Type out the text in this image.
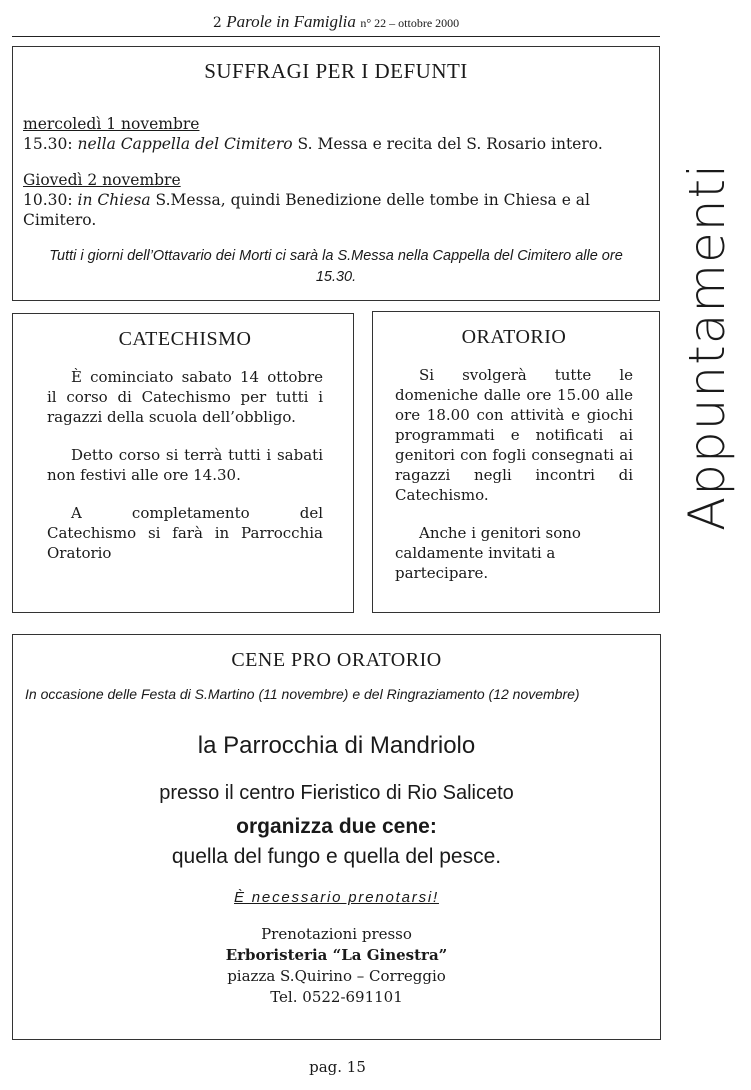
2 Parole in Famiglia n° 22 – ottobre 2000
SUFFRAGI PER I DEFUNTI
mercoledì 1 novembre
15.30: nella Cappella del Cimitero S. Messa e recita del S. Rosario intero.
Giovedì 2 novembre
10.30: in Chiesa S.Messa, quindi Benedizione delle tombe in Chiesa e al Cimitero.
Tutti i giorni dell’Ottavario dei Morti ci sarà la S.Messa nella Cappella del Cimitero alle ore 15.30.
CATECHISMO

È cominciato sabato 14 ottobre il corso di Catechismo per tutti i ragazzi della scuola dell’obbligo.

Detto corso si terrà tutti i sabati non festivi alle ore 14.30.

A completamento del Catechismo si farà in Parrocchia Oratorio

ORATORIO

Si svolgerà tutte le domeniche dalle ore 15.00 alle ore 18.00 con attività e giochi programmati e notificati ai genitori con fogli consegnati ai ragazzi negli incontri di Catechismo.

Anche i genitori sono caldamente invitati a partecipare.

CENE PRO ORATORIO
In occasione delle Festa di S.Martino (11 novembre) e del Ringraziamento (12 novembre)
la Parrocchia di Mandriolo
presso il centro Fieristico di Rio Saliceto
organizza due cene:
quella del fungo e quella del pesce.
È necessario prenotarsi!
Prenotazioni presso
Erboristeria “La Ginestra”
piazza S.Quirino – Correggio
Tel. 0522-691101
Appuntamenti
pag. 15
